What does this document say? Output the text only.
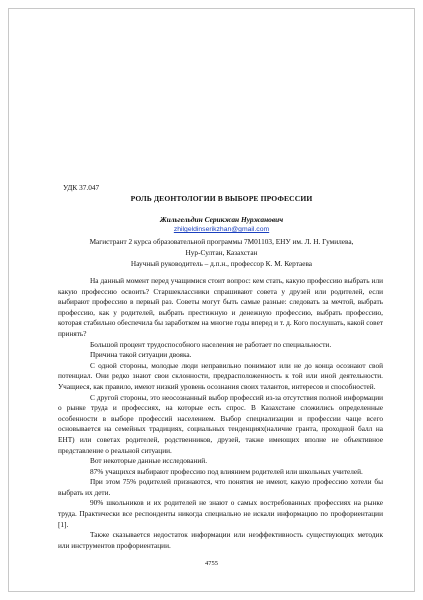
УДК 37.047
РОЛЬ ДЕОНТОЛОГИИ В ВЫБОРЕ ПРОФЕССИИ
Жильгельдин Серикжан Нуржанович
zhilgeldinserikzhan@gmail.com
Магистрант 2 курса образовательной программы 7М01103, ЕНУ им. Л. Н. Гумилева,
Нур-Султан, Казахстан
Научный руководитель – д.п.н., профессор К. М. Кертаева

На данный момент перед учащимися стоит вопрос: кем стать, какую профессию выбрать или какую профессию освоить? Старшеклассники спрашивают совета у друзей или родителей, если выбирают профессию в первый раз. Советы могут быть самые разные: следовать за мечтой, выбрать профессию, как у родителей, выбрать престижную и денежную профессию, выбрать профессию, которая стабильно обеспечила бы заработком на многие годы вперед и т. д. Кого послушать, какой совет принять?

Большой процент трудоспособного населения не работает по специальности.

Причина такой ситуации двояка.

С одной стороны, молодые люди неправильно понимают или не до конца осознают свой потенциал. Они редко знают свои склонности, предрасположенность к той или иной деятельности. Учащиеся, как правило, имеют низкий уровень осознания своих талантов, интересов и способностей.

С другой стороны, это неосознанный выбор профессий из-за отсутствия полной информации о рынке труда и профессиях, на которые есть спрос. В Казахстане сложились определенные особенности в выборе профессий населением. Выбор специализации и профессии чаще всего основывается на семейных традициях, социальных тенденциях(наличие гранта, проходной балл на ЕНТ) или советах родителей, родственников, друзей, также имеющих вполне не объективное представление о реальной ситуации.

Вот некоторые данные исследований.

87% учащихся выбирают профессию под влиянием родителей или школьных учителей.

При этом 75% родителей признаются, что понятия не имеют, какую профессию хотели бы выбрать их дети.

90% школьников и их родителей не знают о самых востребованных профессиях на рынке труда. Практически все респонденты никогда специально не искали информацию по профориентации [1].

Также сказывается недостаток информации или неэффективность существующих методик или инструментов профориентации.

4755
